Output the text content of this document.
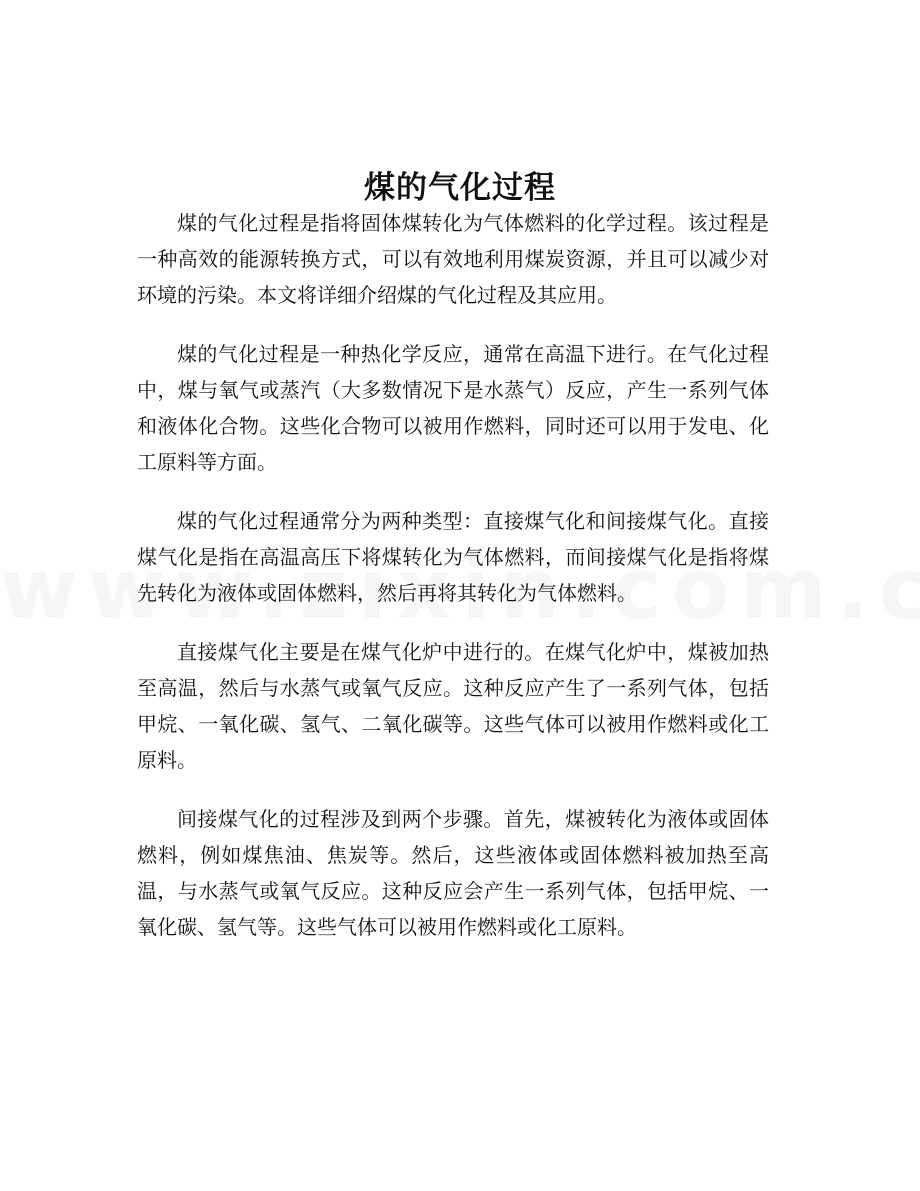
煤的气化过程

煤的气化过程是指将固体煤转化为气体燃料的化学过程。该过程是一种高效的能源转换方式，可以有效地利用煤炭资源，并且可以减少对环境的污染。本文将详细介绍煤的气化过程及其应用。

煤的气化过程是一种热化学反应，通常在高温下进行。在气化过程中，煤与氧气或蒸汽（大多数情况下是水蒸气）反应，产生一系列气体和液体化合物。这些化合物可以被用作燃料，同时还可以用于发电、化工原料等方面。

煤的气化过程通常分为两种类型：直接煤气化和间接煤气化。直接煤气化是指在高温高压下将煤转化为气体燃料，而间接煤气化是指将煤先转化为液体或固体燃料，然后再将其转化为气体燃料。

直接煤气化主要是在煤气化炉中进行的。在煤气化炉中，煤被加热至高温，然后与水蒸气或氧气反应。这种反应产生了一系列气体，包括甲烷、一氧化碳、氢气、二氧化碳等。这些气体可以被用作燃料或化工原料。

间接煤气化的过程涉及到两个步骤。首先，煤被转化为液体或固体燃料，例如煤焦油、焦炭等。然后，这些液体或固体燃料被加热至高温，与水蒸气或氧气反应。这种反应会产生一系列气体，包括甲烷、一氧化碳、氢气等。这些气体可以被用作燃料或化工原料。
